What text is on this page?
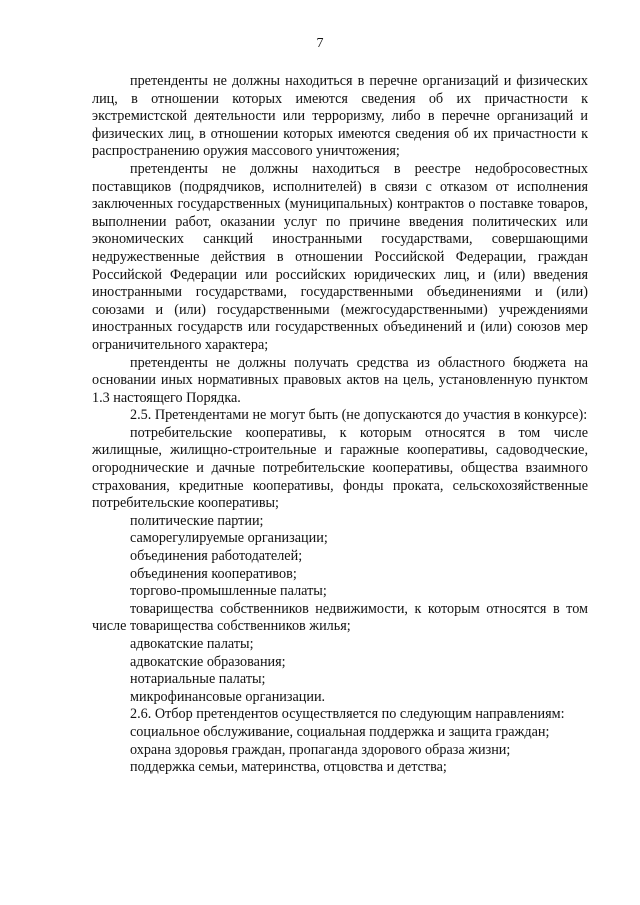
7

претенденты не должны находиться в перечне организаций и физических лиц, в отношении которых имеются сведения об их причастности к экстремистской деятельности или терроризму, либо в перечне организаций и физических лиц, в отношении которых имеются сведения об их причастности к распространению оружия массового уничтожения;

претенденты не должны находиться в реестре недобросовестных поставщиков (подрядчиков, исполнителей) в связи с отказом от исполнения заключенных государственных (муниципальных) контрактов о поставке товаров, выполнении работ, оказании услуг по причине введения политических или экономических санкций иностранными государствами, совершающими недружественные действия в отношении Российской Федерации, граждан Российской Федерации или российских юридических лиц, и (или) введения иностранными государствами, государственными объединениями и (или) союзами и (или) государственными (межгосударственными) учреждениями иностранных государств или государственных объединений и (или) союзов мер ограничительного характера;

претенденты не должны получать средства из областного бюджета на основании иных нормативных правовых актов на цель, установленную пунктом 1.3 настоящего Порядка.

2.5. Претендентами не могут быть (не допускаются до участия в конкурсе):

потребительские кооперативы, к которым относятся в том числе жилищные, жилищно-строительные и гаражные кооперативы, садоводческие, огороднические и дачные потребительские кооперативы, общества взаимного страхования, кредитные кооперативы, фонды проката, сельскохозяйственные потребительские кооперативы;

политические партии;

саморегулируемые организации;

объединения работодателей;

объединения кооперативов;

торгово-промышленные палаты;

товарищества собственников недвижимости, к которым относятся в том числе товарищества собственников жилья;

адвокатские палаты;

адвокатские образования;

нотариальные палаты;

микрофинансовые организации.

2.6. Отбор претендентов осуществляется по следующим направлениям:

социальное обслуживание, социальная поддержка и защита граждан;

охрана здоровья граждан, пропаганда здорового образа жизни;

поддержка семьи, материнства, отцовства и детства;
